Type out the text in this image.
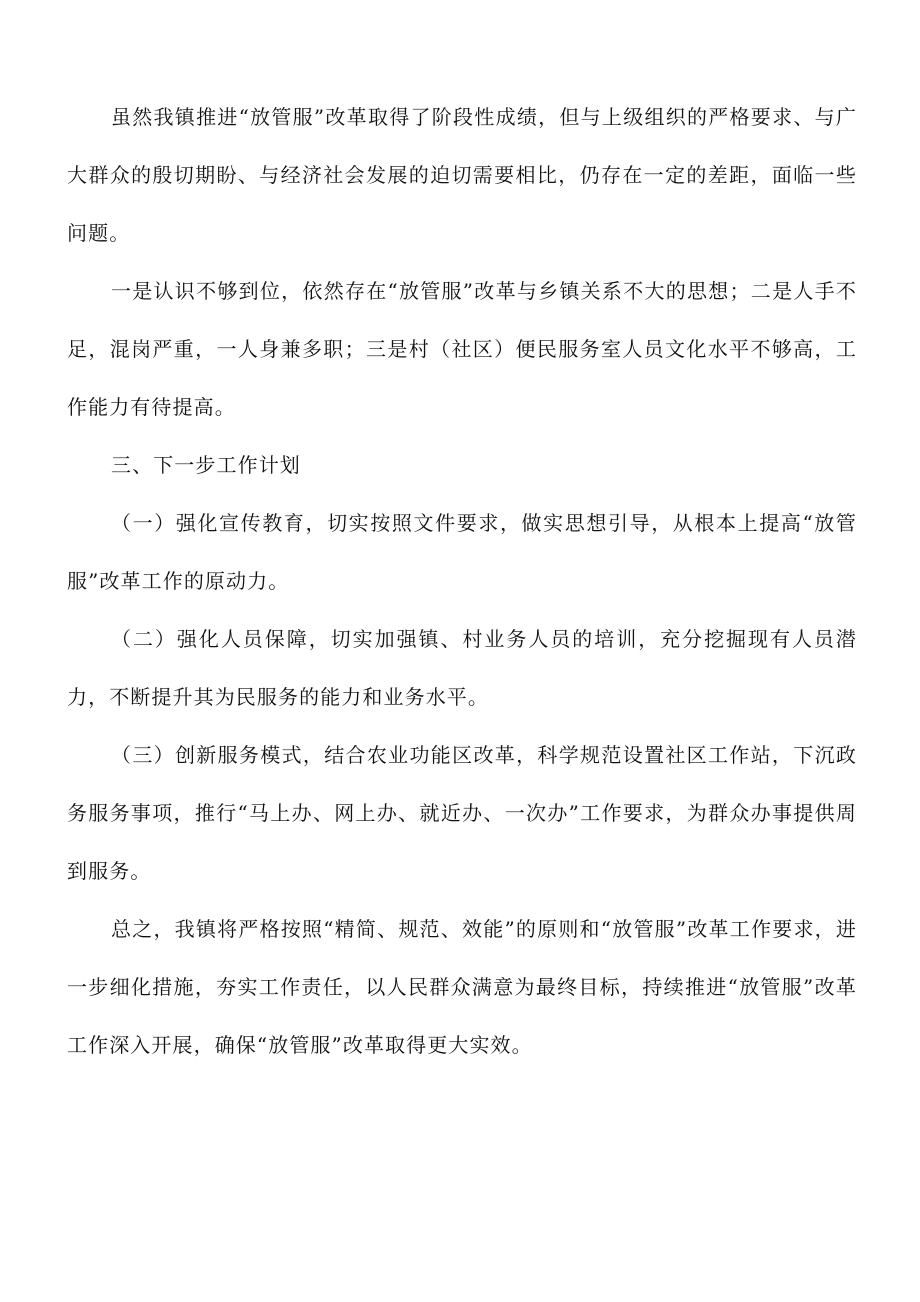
虽然我镇推进“放管服”改革取得了阶段性成绩，但与上级组织的严格要求、与广大群众的殷切期盼、与经济社会发展的迫切需要相比，仍存在一定的差距，面临一些问题。

一是认识不够到位，依然存在“放管服”改革与乡镇关系不大的思想；二是人手不足，混岗严重，一人身兼多职；三是村（社区）便民服务室人员文化水平不够高，工作能力有待提高。

三、下一步工作计划

（一）强化宣传教育，切实按照文件要求，做实思想引导，从根本上提高“放管服”改革工作的原动力。

（二）强化人员保障，切实加强镇、村业务人员的培训，充分挖掘现有人员潜力，不断提升其为民服务的能力和业务水平。

（三）创新服务模式，结合农业功能区改革，科学规范设置社区工作站，下沉政务服务事项，推行“马上办、网上办、就近办、一次办”工作要求，为群众办事提供周到服务。

总之，我镇将严格按照“精简、规范、效能”的原则和“放管服”改革工作要求，进一步细化措施，夯实工作责任，以人民群众满意为最终目标，持续推进“放管服”改革工作深入开展，确保“放管服”改革取得更大实效。
